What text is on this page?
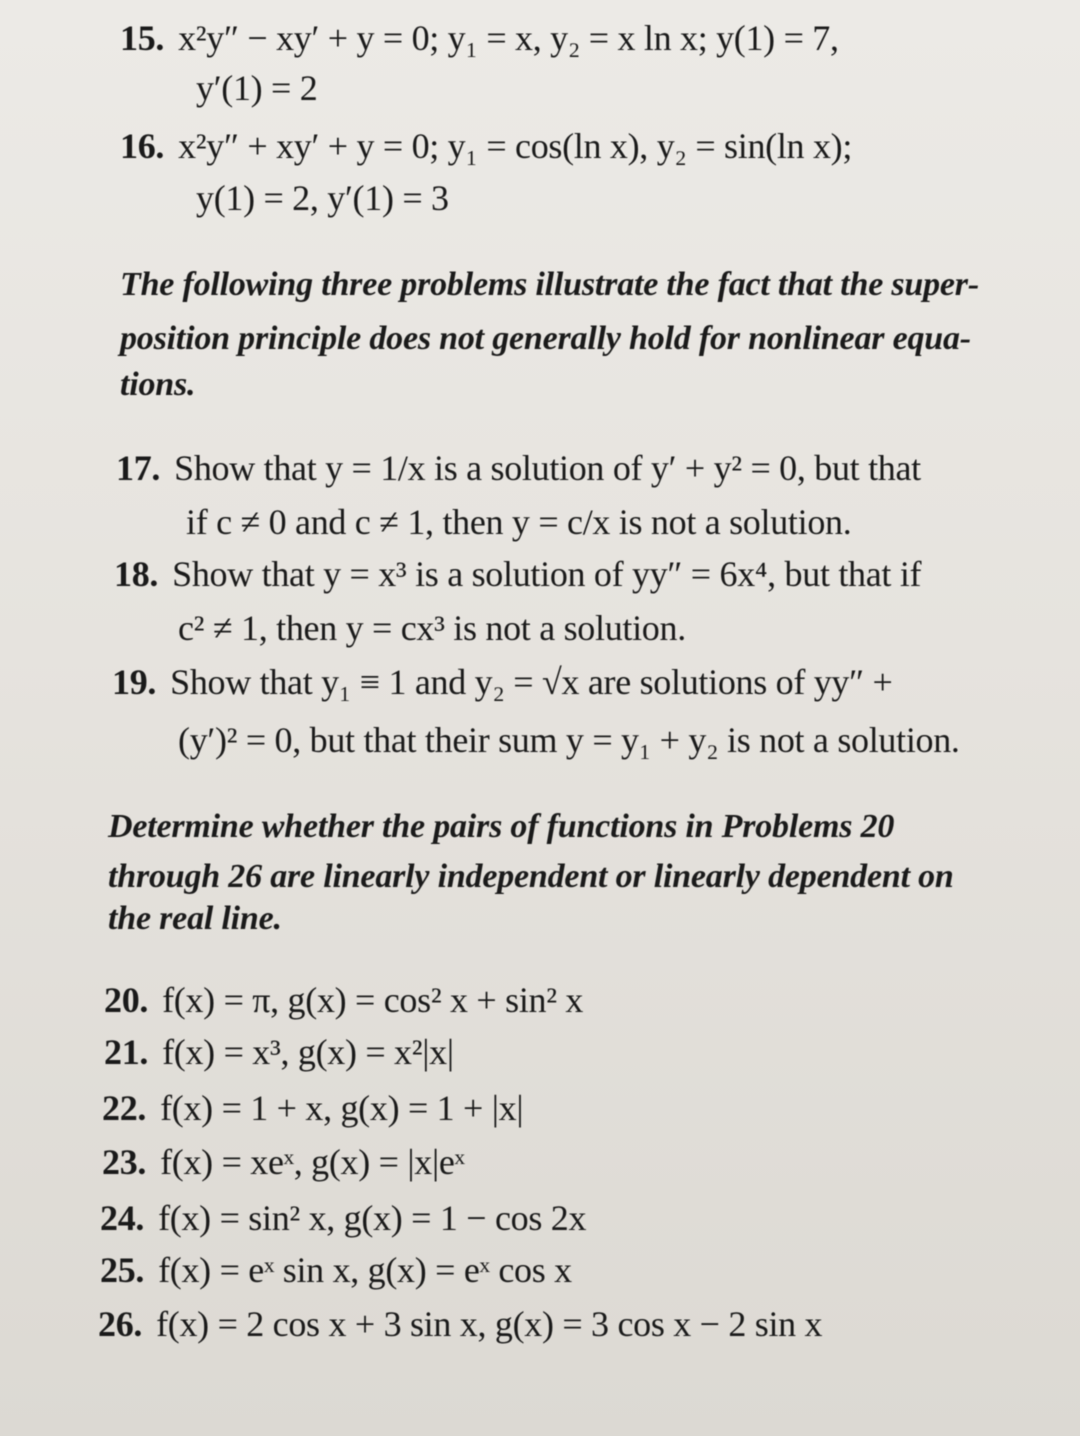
15. x²y″ − xy′ + y = 0; y₁ = x, y₂ = x ln x; y(1) = 7,
y′(1) = 2
16. x²y″ + xy′ + y = 0; y₁ = cos(ln x), y₂ = sin(ln x);
y(1) = 2, y′(1) = 3
The following three problems illustrate the fact that the super-
position principle does not generally hold for nonlinear equa-
tions.
17. Show that y = 1/x is a solution of y′ + y² = 0, but that
if c ≠ 0 and c ≠ 1, then y = c/x is not a solution.
18. Show that y = x³ is a solution of yy″ = 6x⁴, but that if
c² ≠ 1, then y = cx³ is not a solution.
19. Show that y₁ ≡ 1 and y₂ = √x are solutions of yy″ +
(y′)² = 0, but that their sum y = y₁ + y₂ is not a solution.
Determine whether the pairs of functions in Problems 20
through 26 are linearly independent or linearly dependent on
the real line.
20. f(x) = π, g(x) = cos² x + sin² x
21. f(x) = x³, g(x) = x²|x|
22. f(x) = 1 + x, g(x) = 1 + |x|
23. f(x) = xeˣ, g(x) = |x|eˣ
24. f(x) = sin² x, g(x) = 1 − cos 2x
25. f(x) = eˣ sin x, g(x) = eˣ cos x
26. f(x) = 2 cos x + 3 sin x, g(x) = 3 cos x − 2 sin x
